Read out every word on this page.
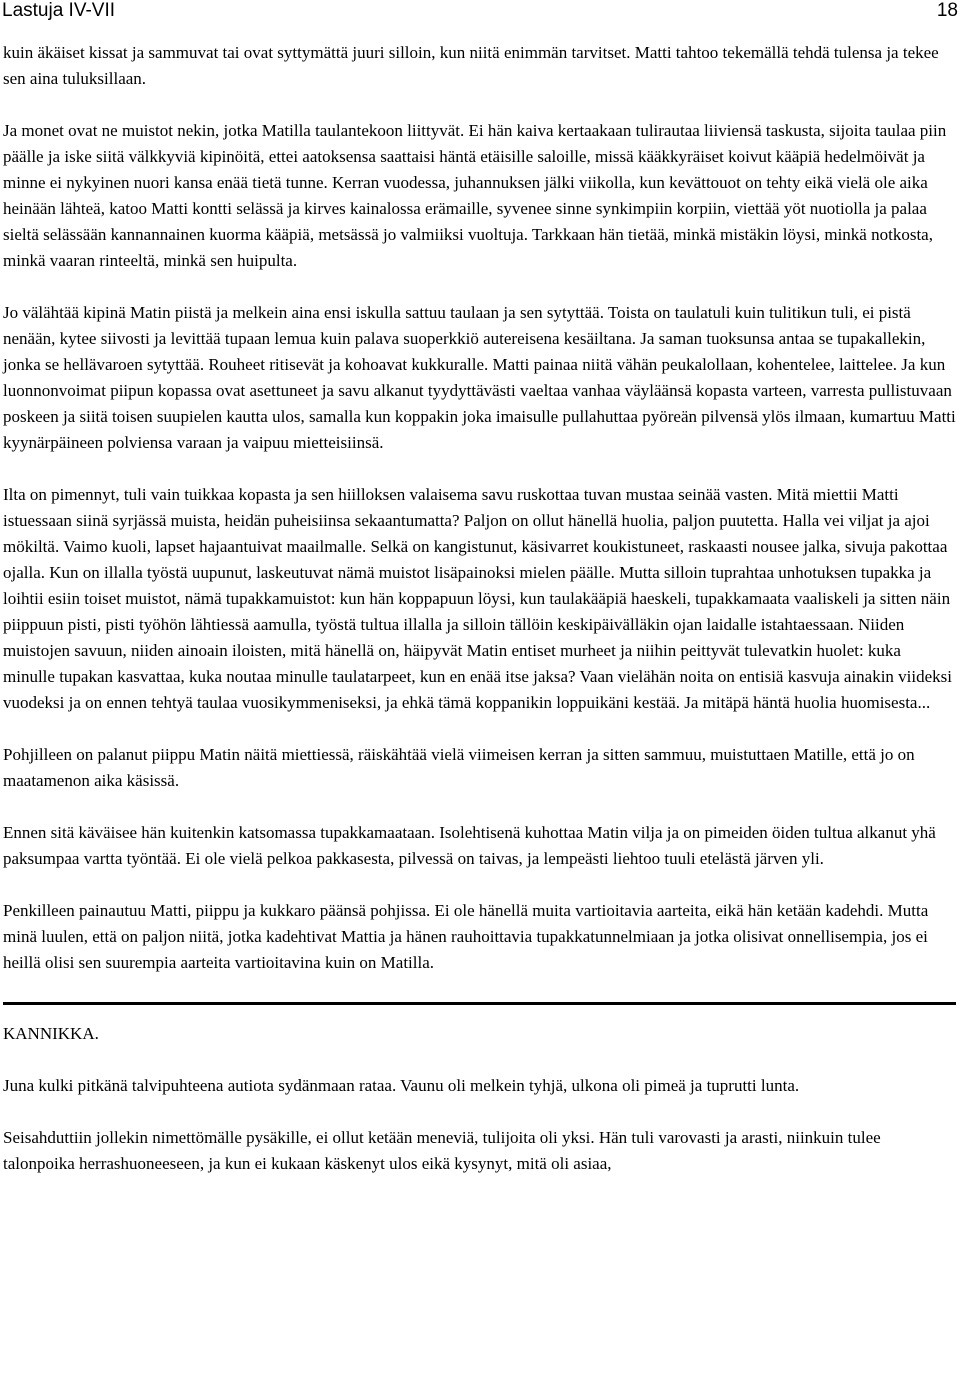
Lastuja IV-VII	18

kuin äkäiset kissat ja sammuvat tai ovat syttymättä juuri silloin, kun niitä enimmän tarvitset. Matti tahtoo tekemällä tehdä tulensa ja tekee sen aina tuluksillaan.

Ja monet ovat ne muistot nekin, jotka Matilla taulantekoon liittyvät. Ei hän kaiva kertaakaan tulirautaa liiviensä taskusta, sijoita taulaa piin päälle ja iske siitä välkkyviä kipinöitä, ettei aatoksensa saattaisi häntä etäisille saloille, missä kääkkyräiset koivut kääpiä hedelmöivät ja minne ei nykyinen nuori kansa enää tietä tunne. Kerran vuodessa, juhannuksen jälki viikolla, kun kevättouot on tehty eikä vielä ole aika heinään lähteä, katoo Matti kontti selässä ja kirves kainalossa erämaille, syvenee sinne synkimpiin korpiin, viettää yöt nuotiolla ja palaa sieltä selässään kannannainen kuorma kääpiä, metsässä jo valmiiksi vuoltuja. Tarkkaan hän tietää, minkä mistäkin löysi, minkä notkosta, minkä vaaran rinteeltä, minkä sen huipulta.

Jo välähtää kipinä Matin piistä ja melkein aina ensi iskulla sattuu taulaan ja sen sytyttää. Toista on taulatuli kuin tulitikun tuli, ei pistä nenään, kytee siivosti ja levittää tupaan lemua kuin palava suoperkkiö autereisena kesäiltana. Ja saman tuoksunsa antaa se tupakallekin, jonka se hellävaroen sytyttää. Rouheet ritisevät ja kohoavat kukkuralle. Matti painaa niitä vähän peukalollaan, kohentelee, laittelee. Ja kun luonnonvoimat piipun kopassa ovat asettuneet ja savu alkanut tyydyttävästi vaeltaa vanhaa väyläänsä kopasta varteen, varresta pullistuvaan poskeen ja siitä toisen suupielen kautta ulos, samalla kun koppakin joka imaisulle pullahuttaa pyöreän pilvensä ylös ilmaan, kumartuu Matti kyynärpäineen polviensa varaan ja vaipuu mietteisiinsä.

Ilta on pimennyt, tuli vain tuikkaa kopasta ja sen hiilloksen valaisema savu ruskottaa tuvan mustaa seinää vasten. Mitä miettii Matti istuessaan siinä syrjässä muista, heidän puheisiinsa sekaantumatta? Paljon on ollut hänellä huolia, paljon puutetta. Halla vei viljat ja ajoi mökiltä. Vaimo kuoli, lapset hajaantuivat maailmalle. Selkä on kangistunut, käsivarret koukistuneet, raskaasti nousee jalka, sivuja pakottaa ojalla. Kun on illalla työstä uupunut, laskeutuvat nämä muistot lisäpainoksi mielen päälle. Mutta silloin tuprahtaa unhotuksen tupakka ja loihtii esiin toiset muistot, nämä tupakkamuistot: kun hän koppapuun löysi, kun taulakääpiä haeskeli, tupakkamaata vaaliskeli ja sitten näin piippuun pisti, pisti työhön lähtiessä aamulla, työstä tultua illalla ja silloin tällöin keskipäivälläkin ojan laidalle istahtaessaan. Niiden muistojen savuun, niiden ainoain iloisten, mitä hänellä on, häipyvät Matin entiset murheet ja niihin peittyvät tulevatkin huolet: kuka minulle tupakan kasvattaa, kuka noutaa minulle taulatarpeet, kun en enää itse jaksa? Vaan vielähän noita on entisiä kasvuja ainakin viideksi vuodeksi ja on ennen tehtyä taulaa vuosikymmeniseksi, ja ehkä tämä koppanikin loppuikäni kestää. Ja mitäpä häntä huolia huomisesta...

Pohjilleen on palanut piippu Matin näitä miettiessä, räiskähtää vielä viimeisen kerran ja sitten sammuu, muistuttaen Matille, että jo on maatamenon aika käsissä.

Ennen sitä käväisee hän kuitenkin katsomassa tupakkamaataan. Isolehtisenä kuhottaa Matin vilja ja on pimeiden öiden tultua alkanut yhä paksumpaa vartta työntää. Ei ole vielä pelkoa pakkasesta, pilvessä on taivas, ja lempeästi liehtoo tuuli etelästä järven yli.

Penkilleen painautuu Matti, piippu ja kukkaro päänsä pohjissa. Ei ole hänellä muita vartioitavia aarteita, eikä hän ketään kadehdi. Mutta minä luulen, että on paljon niitä, jotka kadehtivat Mattia ja hänen rauhoittavia tupakkatunnelmiaan ja jotka olisivat onnellisempia, jos ei heillä olisi sen suurempia aarteita vartioitavina kuin on Matilla.

KANNIKKA.

Juna kulki pitkänä talvipuhteena autiota sydänmaan rataa. Vaunu oli melkein tyhjä, ulkona oli pimeä ja tuprutti lunta.

Seisahduttiin jollekin nimettömälle pysäkille, ei ollut ketään meneviä, tulijoita oli yksi. Hän tuli varovasti ja arasti, niinkuin tulee talonpoika herrashuoneeseen, ja kun ei kukaan käskenyt ulos eikä kysynyt, mitä oli asiaa,
